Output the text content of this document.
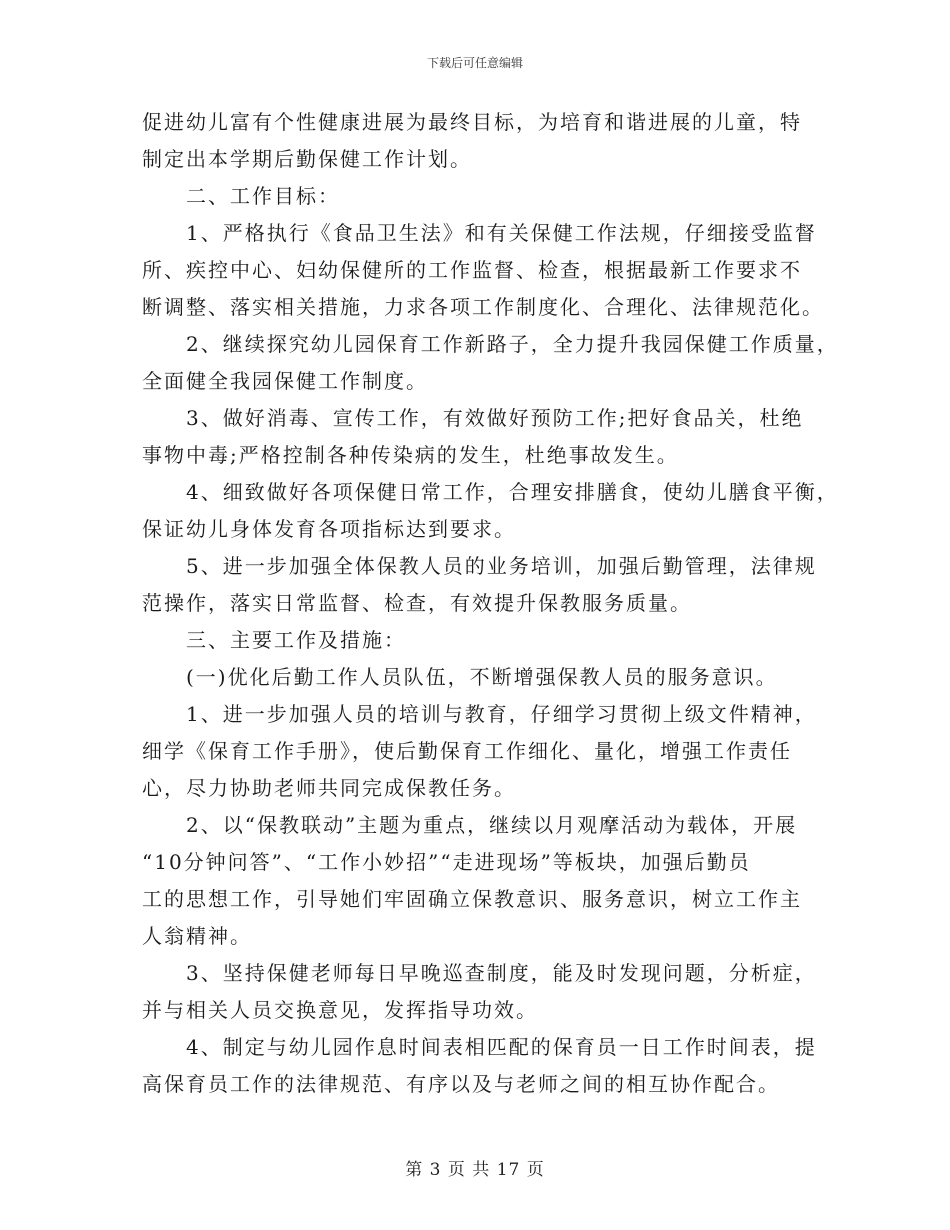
下载后可任意编辑
促进幼儿富有个性健康进展为最终目标，为培育和谐进展的儿童，特
制定出本学期后勤保健工作计划。
二、工作目标：
1、严格执行《食品卫生法》和有关保健工作法规，仔细接受监督
所、疾控中心、妇幼保健所的工作监督、检查，根据最新工作要求不
断调整、落实相关措施，力求各项工作制度化、合理化、法律规范化。
2、继续探究幼儿园保育工作新路子，全力提升我园保健工作质量，
全面健全我园保健工作制度。
3、做好消毒、宣传工作，有效做好预防工作;把好食品关，杜绝
事物中毒;严格控制各种传染病的发生，杜绝事故发生。
4、细致做好各项保健日常工作，合理安排膳食，使幼儿膳食平衡，
保证幼儿身体发育各项指标达到要求。
5、进一步加强全体保教人员的业务培训，加强后勤管理，法律规
范操作，落实日常监督、检查，有效提升保教服务质量。
三、主要工作及措施：
(一)优化后勤工作人员队伍，不断增强保教人员的服务意识。
1、进一步加强人员的培训与教育，仔细学习贯彻上级文件精神，
细学《保育工作手册》，使后勤保育工作细化、量化，增强工作责任
心，尽力协助老师共同完成保教任务。
2、以“保教联动”主题为重点，继续以月观摩活动为载体，开展
“10分钟问答”、“工作小妙招”“走进现场”等板块，加强后勤员
工的思想工作，引导她们牢固确立保教意识、服务意识，树立工作主
人翁精神。
3、坚持保健老师每日早晚巡查制度，能及时发现问题，分析症，
并与相关人员交换意见，发挥指导功效。
4、制定与幼儿园作息时间表相匹配的保育员一日工作时间表，提
高保育员工作的法律规范、有序以及与老师之间的相互协作配合。
第 3 页 共 17 页
